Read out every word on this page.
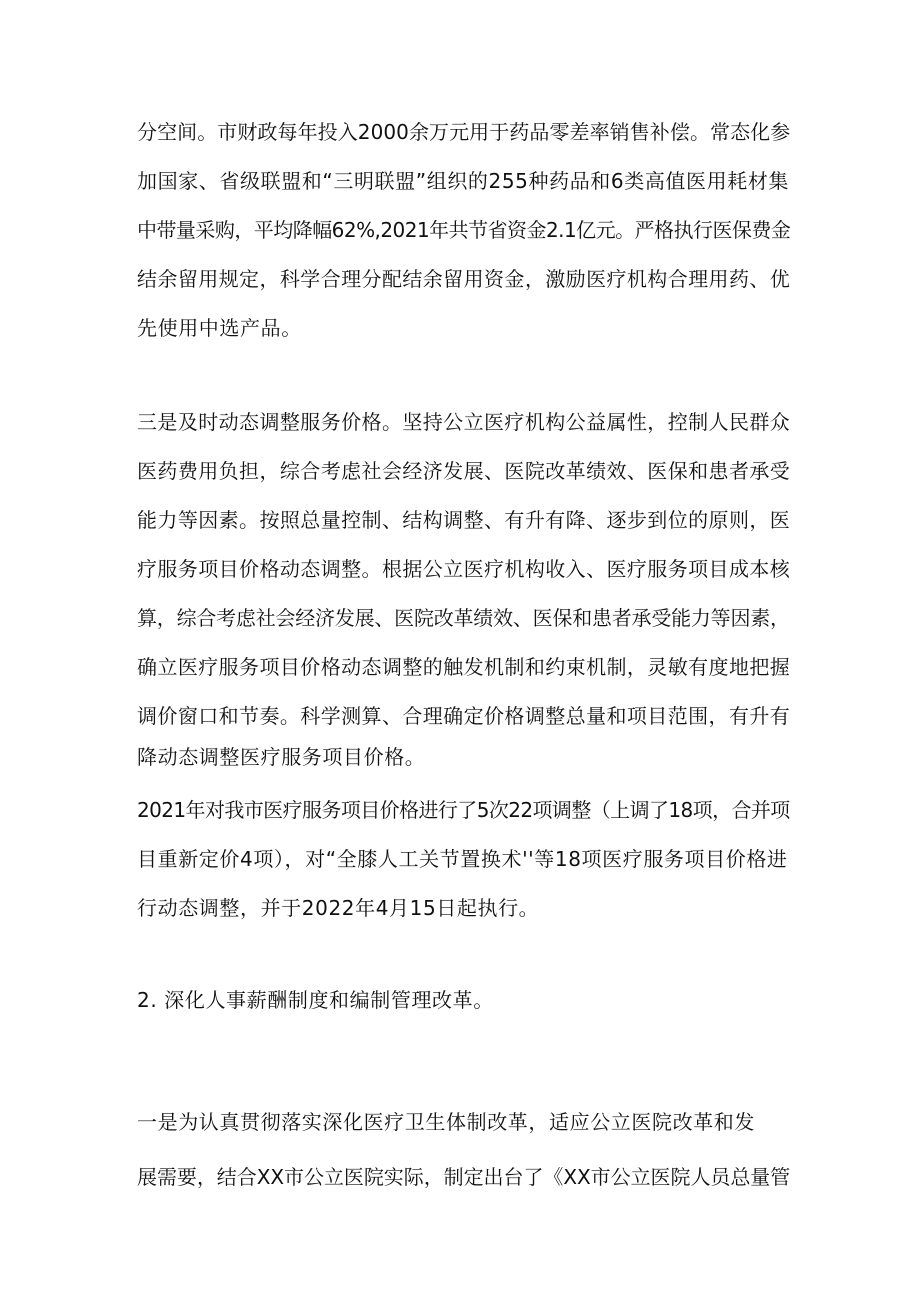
分空间。市财政每年投入2000余万元用于药品零差率销售补偿。常态化参
加国家、省级联盟和“三明联盟”组织的255种药品和6类高值医用耗材集
中带量采购，平均降幅62%,2021年共节省资金2.1亿元。严格执行医保费金
结余留用规定，科学合理分配结余留用资金，激励医疗机构合理用药、优
先使用中选产品。
三是及时动态调整服务价格。坚持公立医疗机构公益属性，控制人民群众
医药费用负担，综合考虑社会经济发展、医院改革绩效、医保和患者承受
能力等因素。按照总量控制、结构调整、有升有降、逐步到位的原则，医
疗服务项目价格动态调整。根据公立医疗机构收入、医疗服务项目成本核
算，综合考虑社会经济发展、医院改革绩效、医保和患者承受能力等因素，
确立医疗服务项目价格动态调整的触发机制和约束机制，灵敏有度地把握
调价窗口和节奏。科学测算、合理确定价格调整总量和项目范围，有升有
降动态调整医疗服务项目价格。
2021年对我市医疗服务项目价格进行了5次22项调整（上调了18项，合并项
目重新定价4项），对“全膝人工关节置换术''等18项医疗服务项目价格进
行动态调整，并于2022年4月15日起执行。
2. 深化人事薪酬制度和编制管理改革。
一是为认真贯彻落实深化医疗卫生体制改革，适应公立医院改革和发
展需要，结合XX市公立医院实际，制定出台了《XX市公立医院人员总量管
